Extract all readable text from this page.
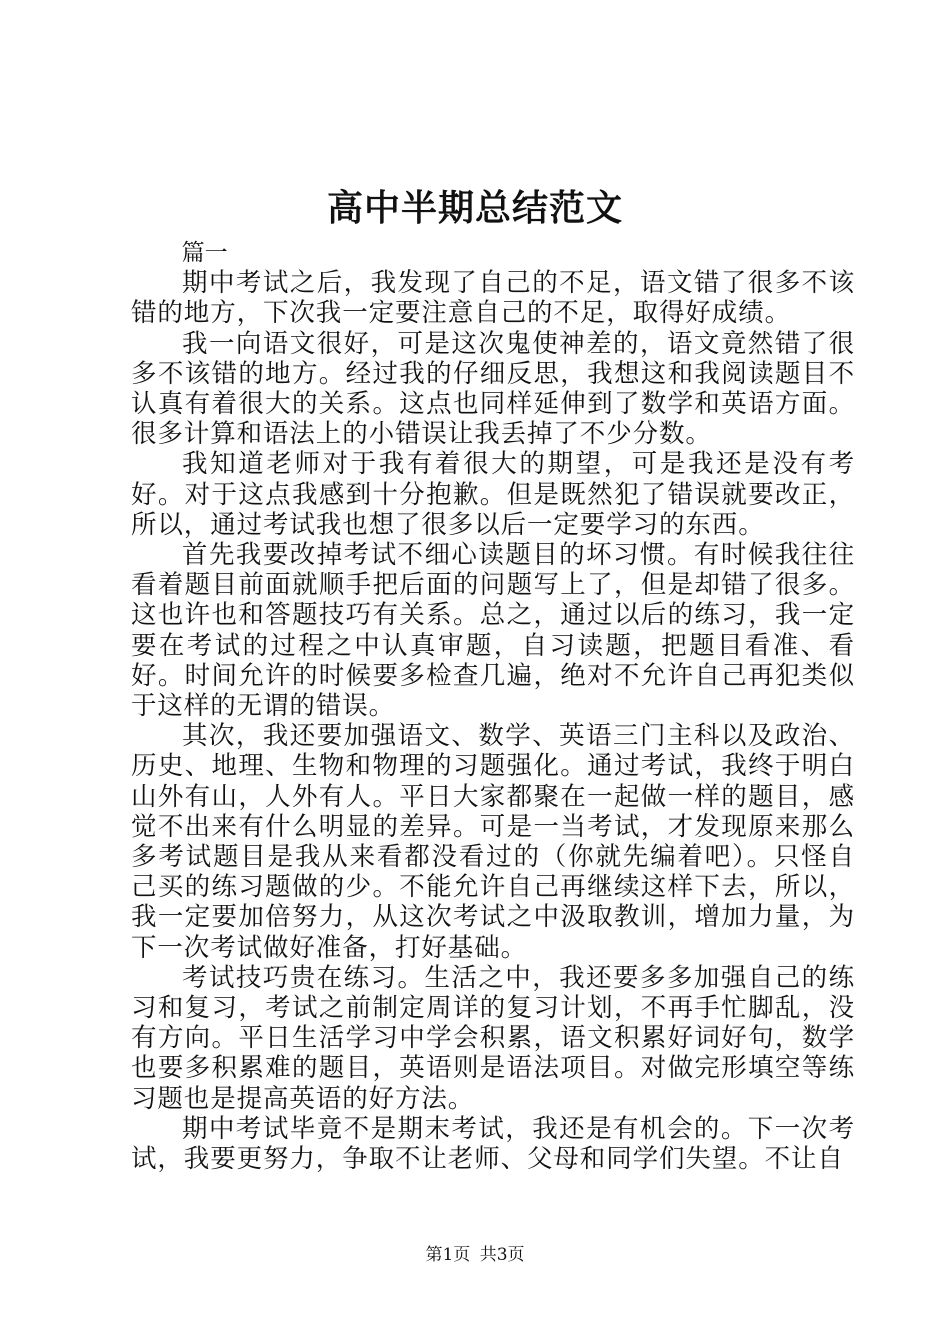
高中半期总结范文

篇一

期中考试之后，我发现了自己的不足，语文错了很多不该错的地方，下次我一定要注意自己的不足，取得好成绩。

我一向语文很好，可是这次鬼使神差的，语文竟然错了很多不该错的地方。经过我的仔细反思，我想这和我阅读题目不认真有着很大的关系。这点也同样延伸到了数学和英语方面。很多计算和语法上的小错误让我丢掉了不少分数。

我知道老师对于我有着很大的期望，可是我还是没有考好。对于这点我感到十分抱歉。但是既然犯了错误就要改正，所以，通过考试我也想了很多以后一定要学习的东西。

首先我要改掉考试不细心读题目的坏习惯。有时候我往往看着题目前面就顺手把后面的问题写上了，但是却错了很多。这也许也和答题技巧有关系。总之，通过以后的练习，我一定要在考试的过程之中认真审题，自习读题，把题目看准、看好。时间允许的时候要多检查几遍，绝对不允许自己再犯类似于这样的无谓的错误。

其次，我还要加强语文、数学、英语三门主科以及政治、历史、地理、生物和物理的习题强化。通过考试，我终于明白山外有山，人外有人。平日大家都聚在一起做一样的题目，感觉不出来有什么明显的差异。可是一当考试，才发现原来那么多考试题目是我从来看都没看过的（你就先编着吧）。只怪自己买的练习题做的少。不能允许自己再继续这样下去，所以，我一定要加倍努力，从这次考试之中汲取教训，增加力量，为下一次考试做好准备，打好基础。

考试技巧贵在练习。生活之中，我还要多多加强自己的练习和复习，考试之前制定周详的复习计划，不再手忙脚乱，没有方向。平日生活学习中学会积累，语文积累好词好句，数学也要多积累难的题目，英语则是语法项目。对做完形填空等练习题也是提高英语的好方法。

期中考试毕竟不是期末考试，我还是有机会的。下一次考试，我要更努力，争取不让老师、父母和同学们失望。不让自

第1页 共3页
